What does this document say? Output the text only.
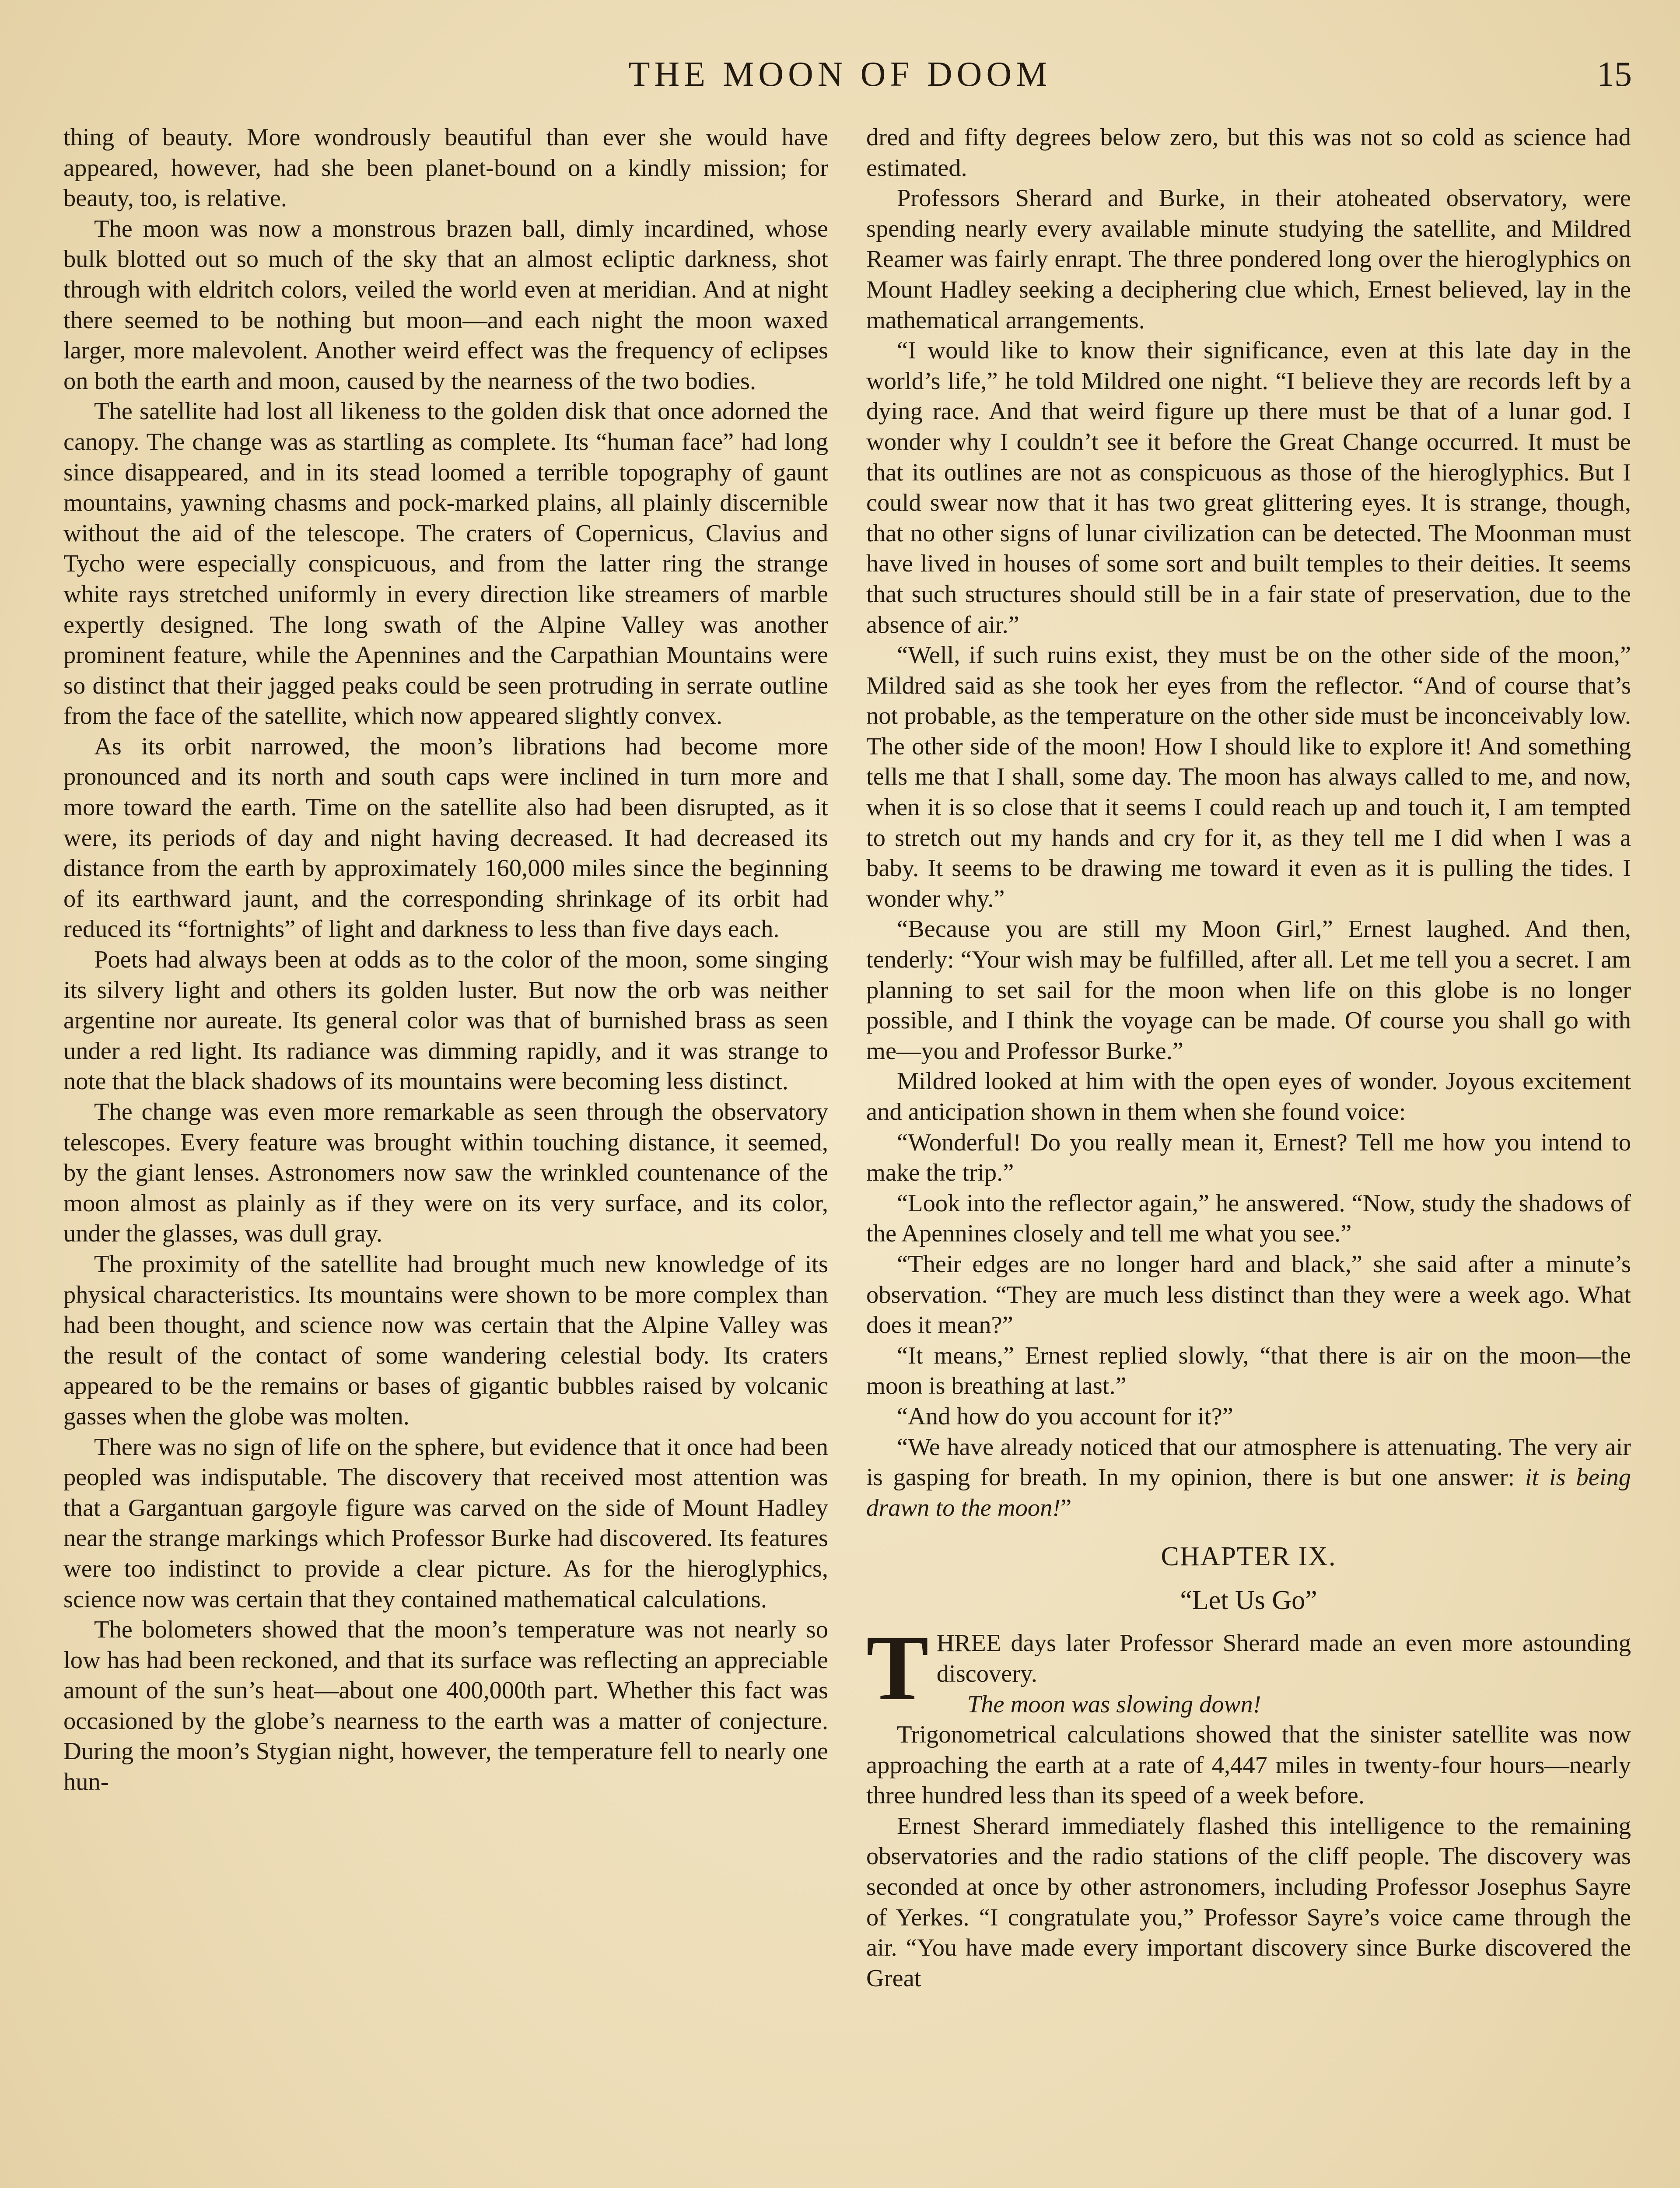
THE MOON OF DOOM	15

thing of beauty. More wondrously beautiful than ever she would have appeared, however, had she been planet-bound on a kindly mission; for beauty, too, is relative.

The moon was now a monstrous brazen ball, dimly incardined, whose bulk blotted out so much of the sky that an almost ecliptic darkness, shot through with eldritch colors, veiled the world even at meridian. And at night there seemed to be nothing but moon—and each night the moon waxed larger, more malevolent. Another weird effect was the frequency of eclipses on both the earth and moon, caused by the nearness of the two bodies.

The satellite had lost all likeness to the golden disk that once adorned the canopy. The change was as startling as complete. Its “human face” had long since disappeared, and in its stead loomed a terrible topography of gaunt mountains, yawning chasms and pock-marked plains, all plainly discernible without the aid of the telescope. The craters of Copernicus, Clavius and Tycho were especially conspicuous, and from the latter ring the strange white rays stretched uniformly in every direction like streamers of marble expertly designed. The long swath of the Alpine Valley was another prominent feature, while the Apennines and the Carpathian Mountains were so distinct that their jagged peaks could be seen protruding in serrate outline from the face of the satellite, which now appeared slightly convex.

As its orbit narrowed, the moon’s librations had become more pronounced and its north and south caps were inclined in turn more and more toward the earth. Time on the satellite also had been disrupted, as it were, its periods of day and night having decreased. It had decreased its distance from the earth by approximately 160,000 miles since the beginning of its earthward jaunt, and the corresponding shrinkage of its orbit had reduced its “fortnights” of light and darkness to less than five days each.

Poets had always been at odds as to the color of the moon, some singing its silvery light and others its golden luster. But now the orb was neither argentine nor aureate. Its general color was that of burnished brass as seen under a red light. Its radiance was dimming rapidly, and it was strange to note that the black shadows of its mountains were becoming less distinct.

The change was even more remarkable as seen through the observatory telescopes. Every feature was brought within touching distance, it seemed, by the giant lenses. Astronomers now saw the wrinkled countenance of the moon almost as plainly as if they were on its very surface, and its color, under the glasses, was dull gray.

The proximity of the satellite had brought much new knowledge of its physical characteristics. Its mountains were shown to be more complex than had been thought, and science now was certain that the Alpine Valley was the result of the contact of some wandering celestial body. Its craters appeared to be the remains or bases of gigantic bubbles raised by volcanic gasses when the globe was molten.

There was no sign of life on the sphere, but evidence that it once had been peopled was indisputable. The discovery that received most attention was that a Gargantuan gargoyle figure was carved on the side of Mount Hadley near the strange markings which Professor Burke had discovered. Its features were too indistinct to provide a clear picture. As for the hieroglyphics, science now was certain that they contained mathematical calculations.

The bolometers showed that the moon’s temperature was not nearly so low has had been reckoned, and that its surface was reflecting an appreciable amount of the sun’s heat—about one 400,000th part. Whether this fact was occasioned by the globe’s nearness to the earth was a matter of conjecture. During the moon’s Stygian night, however, the temperature fell to nearly one hun-

dred and fifty degrees below zero, but this was not so cold as science had estimated.

Professors Sherard and Burke, in their atoheated observatory, were spending nearly every available minute studying the satellite, and Mildred Reamer was fairly enrapt. The three pondered long over the hieroglyphics on Mount Hadley seeking a deciphering clue which, Ernest believed, lay in the mathematical arrangements.

“I would like to know their significance, even at this late day in the world’s life,” he told Mildred one night. “I believe they are records left by a dying race. And that weird figure up there must be that of a lunar god. I wonder why I couldn’t see it before the Great Change occurred. It must be that its outlines are not as conspicuous as those of the hieroglyphics. But I could swear now that it has two great glittering eyes. It is strange, though, that no other signs of lunar civilization can be detected. The Moonman must have lived in houses of some sort and built temples to their deities. It seems that such structures should still be in a fair state of preservation, due to the absence of air.”

“Well, if such ruins exist, they must be on the other side of the moon,” Mildred said as she took her eyes from the reflector. “And of course that’s not probable, as the temperature on the other side must be inconceivably low. The other side of the moon! How I should like to explore it! And something tells me that I shall, some day. The moon has always called to me, and now, when it is so close that it seems I could reach up and touch it, I am tempted to stretch out my hands and cry for it, as they tell me I did when I was a baby. It seems to be drawing me toward it even as it is pulling the tides. I wonder why.”

“Because you are still my Moon Girl,” Ernest laughed. And then, tenderly: “Your wish may be fulfilled, after all. Let me tell you a secret. I am planning to set sail for the moon when life on this globe is no longer possible, and I think the voyage can be made. Of course you shall go with me—you and Professor Burke.”

Mildred looked at him with the open eyes of wonder. Joyous excitement and anticipation shown in them when she found voice:

“Wonderful! Do you really mean it, Ernest? Tell me how you intend to make the trip.”

“Look into the reflector again,” he answered. “Now, study the shadows of the Apennines closely and tell me what you see.”

“Their edges are no longer hard and black,” she said after a minute’s observation. “They are much less distinct than they were a week ago. What does it mean?”

“It means,” Ernest replied slowly, “that there is air on the moon—the moon is breathing at last.”

“And how do you account for it?”

“We have already noticed that our atmosphere is attenuating. The very air is gasping for breath. In my opinion, there is but one answer: it is being drawn to the moon!”

CHAPTER IX.
“Let Us Go”

THREE days later Professor Sherard made an even more astounding discovery.

The moon was slowing down!

Trigonometrical calculations showed that the sinister satellite was now approaching the earth at a rate of 4,447 miles in twenty-four hours—nearly three hundred less than its speed of a week before.

Ernest Sherard immediately flashed this intelligence to the remaining observatories and the radio stations of the cliff people. The discovery was seconded at once by other astronomers, including Professor Josephus Sayre of Yerkes. “I congratulate you,” Professor Sayre’s voice came through the air. “You have made every important discovery since Burke discovered the Great
